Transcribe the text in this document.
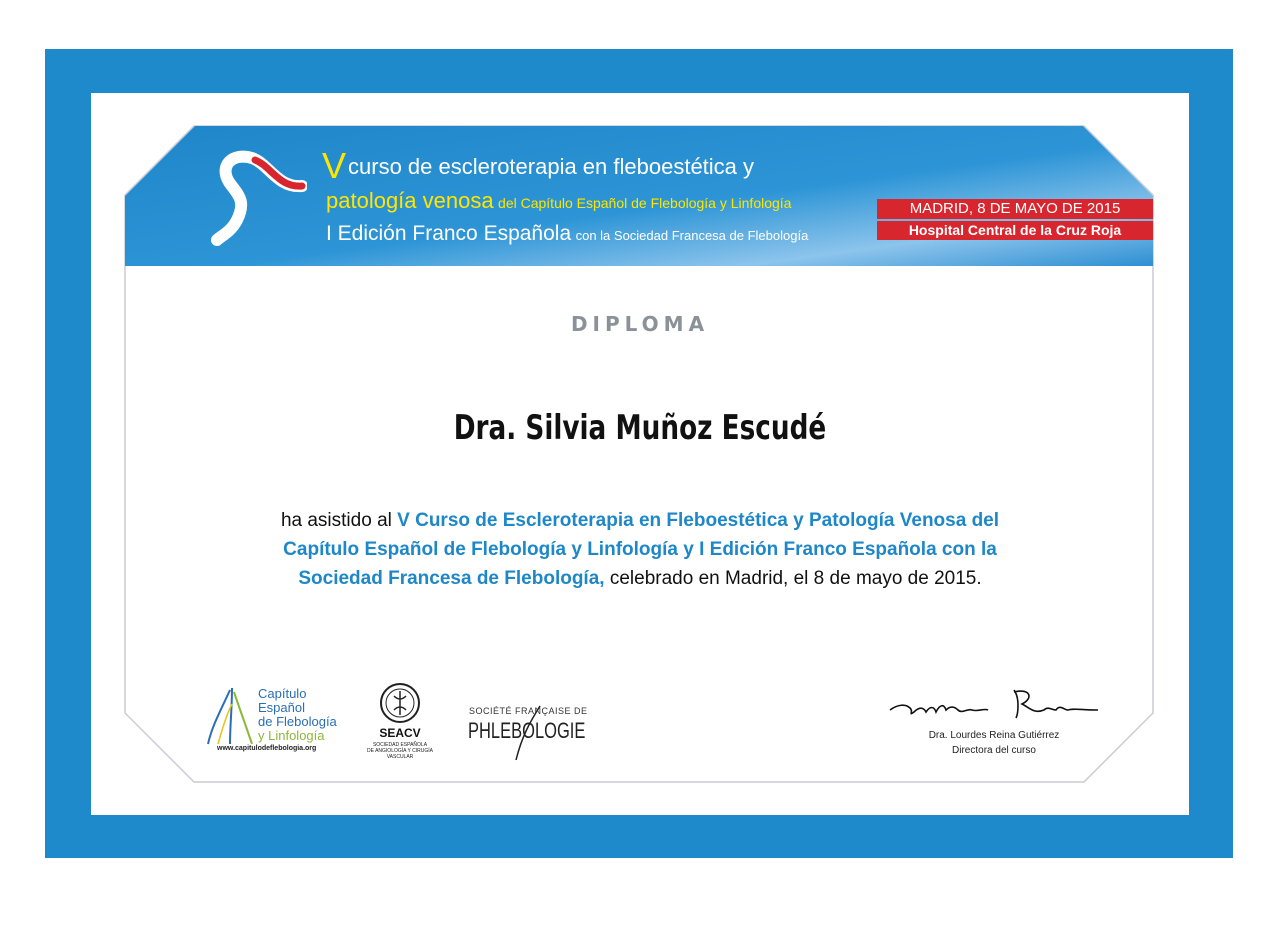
Vcurso de escleroterapia en fleboestética y
patología venosa del Capítulo Español de Flebología y Linfología
I Edición Franco Española con la Sociedad Francesa de Flebología
MADRID, 8 DE MAYO DE 2015
Hospital Central de la Cruz Roja
DIPLOMA
Dra. Silvia Muñoz Escudé
ha asistido al V Curso de Escleroterapia en Fleboestética y Patología Venosa del Capítulo Español de Flebología y Linfología y I Edición Franco Española con la Sociedad Francesa de Flebología, celebrado en Madrid, el 8 de mayo de 2015.
Capítulo
Español
de Flebología
y Linfología
www.capitulodeflebologia.org
SEACV
SOCIEDAD ESPAÑOLA
DE ANGIOLOGÍA Y CIRUGÍA VASCULAR
SOCIÉTÉ FRANÇAISE DE
PHLEBOLOGIE	Dra. Lourdes Reina Gutiérrez
Directora del curso
